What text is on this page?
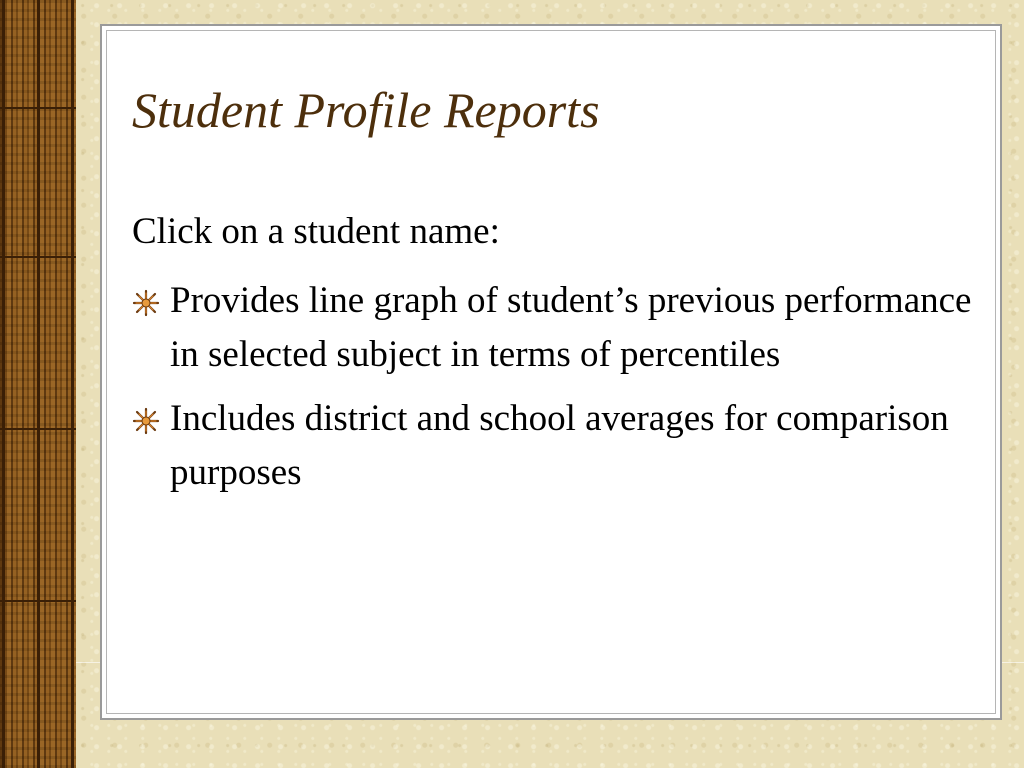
Student Profile Reports
Click on a student name:
Provides line graph of student’s previous performance in selected subject in terms of percentiles
Includes district and school averages for comparison purposes
